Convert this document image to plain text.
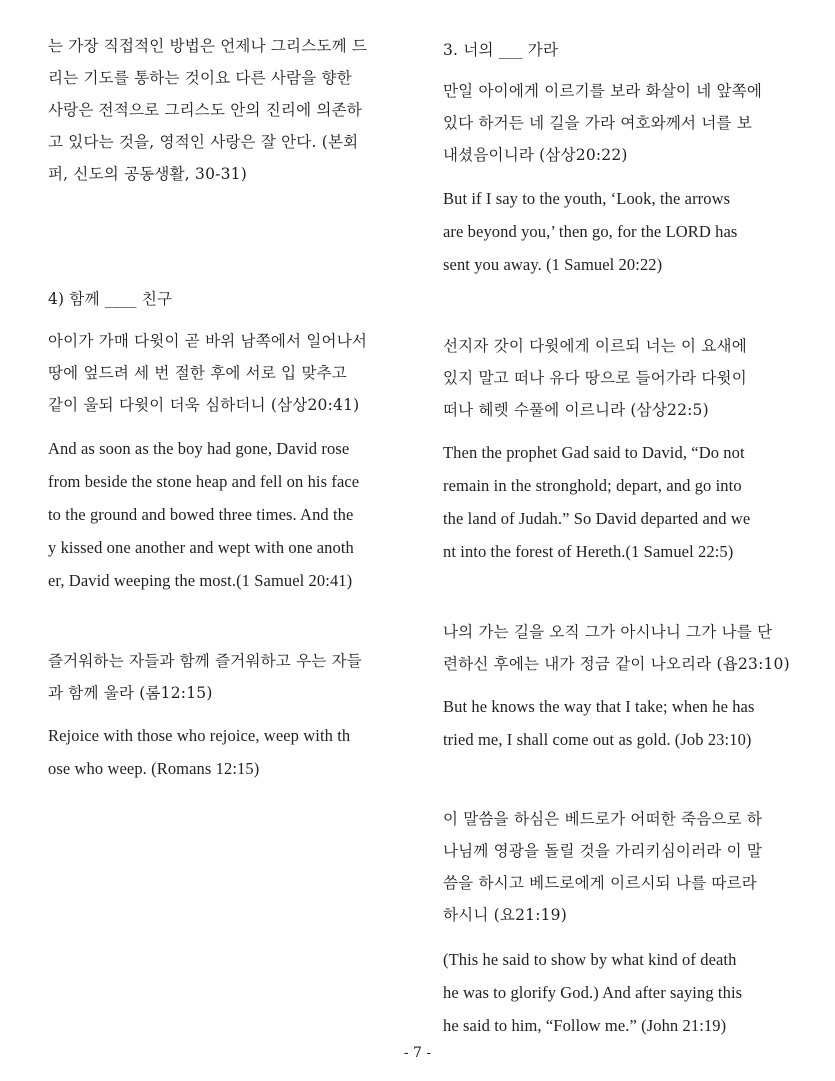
는 가장 직접적인 방법은 언제나 그리스도께 드
리는 기도를 통하는 것이요 다른 사람을 향한
사랑은 전적으로 그리스도 안의 진리에 의존하
고 있다는 것을, 영적인 사랑은 잘 안다. (본회
퍼, 신도의 공동생활, 30-31)
4) 함께 ____ 친구
아이가 가매 다윗이 곧 바위 남쪽에서 일어나서
땅에 엎드려 세 번 절한 후에 서로 입 맞추고
같이 울되 다윗이 더욱 심하더니 (삼상20:41)
And as soon as the boy had gone, David rose
from beside the stone heap and fell on his face
to the ground and bowed three times. And the
y kissed one another and wept with one anoth
er, David weeping the most.(1 Samuel 20:41)
즐거워하는 자들과 함께 즐거워하고 우는 자들
과 함께 울라 (롬12:15)
Rejoice with those who rejoice, weep with th
ose who weep. (Romans 12:15)
3. 너의 ___ 가라
만일 아이에게 이르기를 보라 화살이 네 앞쪽에
있다 하거든 네 길을 가라 여호와께서 너를 보
내셨음이니라 (삼상20:22)
But if I say to the youth, ‘Look, the arrows
are beyond you,’ then go, for the LORD has
sent you away. (1 Samuel 20:22)
선지자 갓이 다윗에게 이르되 너는 이 요새에
있지 말고 떠나 유다 땅으로 들어가라 다윗이
떠나 헤렛 수풀에 이르니라 (삼상22:5)
Then the prophet Gad said to David, “Do not
remain in the stronghold; depart, and go into
the land of Judah.” So David departed and we
nt into the forest of Hereth.(1 Samuel 22:5)
나의 가는 길을 오직 그가 아시나니 그가 나를 단
련하신 후에는 내가 정금 같이 나오리라 (욥23:10)
But he knows the way that I take; when he has
tried me, I shall come out as gold. (Job 23:10)
이 말씀을 하심은 베드로가 어떠한 죽음으로 하
나님께 영광을 돌릴 것을 가리키심이러라 이 말
씀을 하시고 베드로에게 이르시되 나를 따르라
하시니 (요21:19)
(This he said to show by what kind of death
he was to glorify God.) And after saying this
he said to him, “Follow me.” (John 21:19)
- 7 -
